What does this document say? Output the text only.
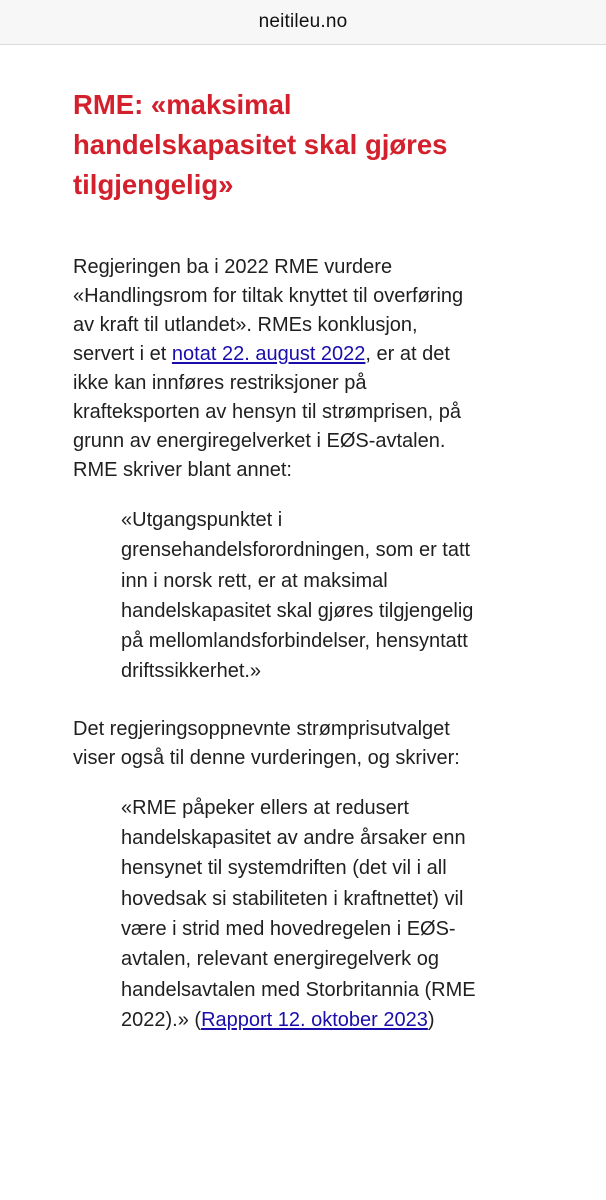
neitileu.no
RME: «maksimal handelskapasitet skal gjøres tilgjengelig»

Regjeringen ba i 2022 RME vurdere «Handlingsrom for tiltak knyttet til overføring av kraft til utlandet». RMEs konklusjon, servert i et notat 22. august 2022, er at det ikke kan innføres restriksjoner på krafteksporten av hensyn til strømprisen, på grunn av energiregelverket i EØS-avtalen. RME skriver blant annet:

«Utgangspunktet i grensehandelsforordningen, som er tatt inn i norsk rett, er at maksimal handelskapasitet skal gjøres tilgjengelig på mellomlandsforbindelser, hensyntatt driftssikkerhet.»

Det regjeringsoppnevnte strømprisutvalget viser også til denne vurderingen, og skriver:

«RME påpeker ellers at redusert handelskapasitet av andre årsaker enn hensynet til systemdriften (det vil i all hovedsak si stabiliteten i kraftnettet) vil være i strid med hovedregelen i EØS-avtalen, relevant energiregelverk og handelsavtalen med Storbritannia (RME 2022).» (Rapport 12. oktober 2023)
